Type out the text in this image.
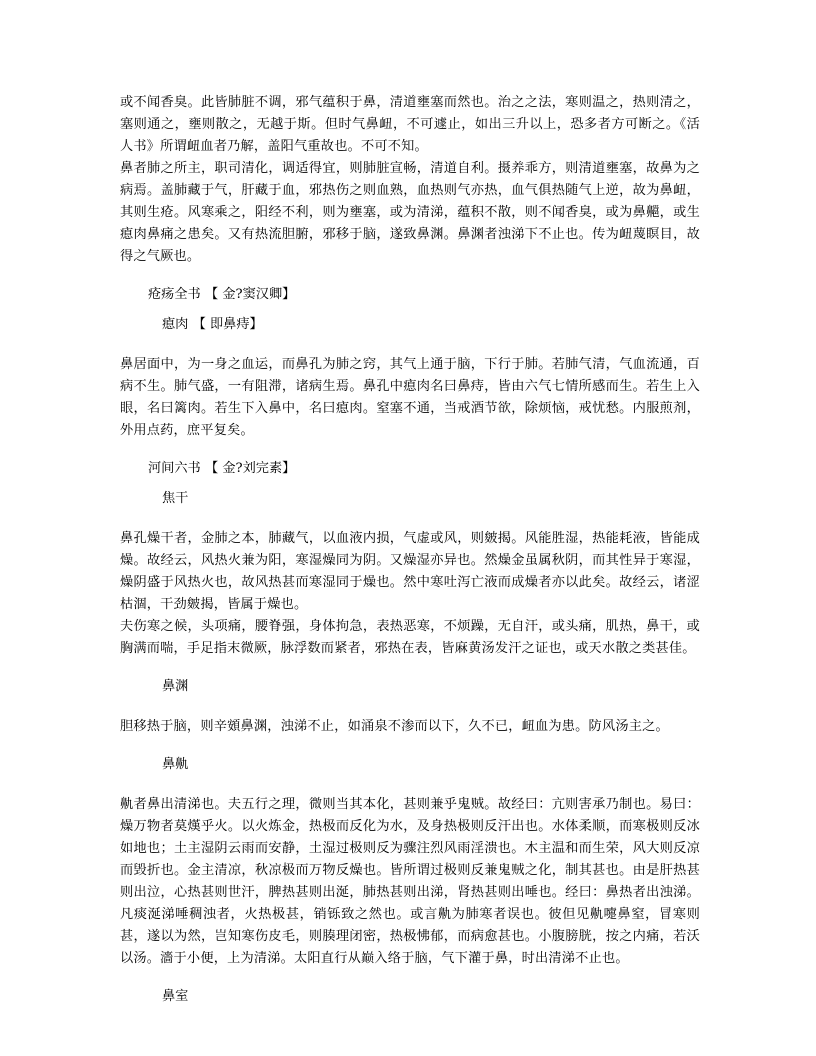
或不闻香臭。此皆肺脏不调，邪气蕴积于鼻，清道壅塞而然也。治之之法，寒则温之，热则清之，塞则通之，壅则散之，无越于斯。但时气鼻衄，不可遽止，如出三升以上，恐多者方可断之。《活人书》所谓衄血者乃解，盖阳气重故也。不可不知。

鼻者肺之所主，职司清化，调适得宜，则肺脏宣畅，清道自利。摄养乖方，则清道壅塞，故鼻为之病焉。盖肺藏于气，肝藏于血，邪热伤之则血熟，血热则气亦热，血气俱热随气上逆，故为鼻衄，其则生疮。风寒乘之，阳经不利，则为壅塞，或为清涕，蕴积不散，则不闻香臭，或为鼻齆，或生瘜肉鼻痛之患矣。又有热流胆腑，邪移于脑，遂致鼻渊。鼻渊者浊涕下不止也。传为衄蔑瞑目，故得之气厥也。

疮疡全书 【 金?窦汉卿】
瘜肉 【 即鼻痔】

鼻居面中，为一身之血运，而鼻孔为肺之窍，其气上通于脑，下行于肺。若肺气清，气血流通，百病不生。肺气盛，一有阻滞，诸病生焉。鼻孔中瘜肉名曰鼻痔，皆由六气七情所感而生。若生上入眼，名曰篱肉。若生下入鼻中，名曰瘜肉。窒塞不通，当戒酒节欲，除烦恼，戒忧愁。内服煎剂，外用点药，庶平复矣。

河间六书 【 金?刘完素】
焦干

鼻孔燥干者，金肺之本，肺藏气，以血液内损，气虚或风，则皴揭。风能胜湿，热能耗液，皆能成燥。故经云，风热火兼为阳，寒湿燥同为阴。又燥湿亦异也。然燥金虽属秋阴，而其性异于寒湿，燥阴盛于风热火也，故风热甚而寒湿同于燥也。然中寒吐泻亡液而成燥者亦以此矣。故经云，诸涩枯涸，干劲皴揭，皆属于燥也。

夫伤寒之候，头项痛，腰脊强，身体拘急，表热恶寒，不烦躁，无自汗，或头痛，肌热，鼻干，或胸满而喘，手足指末微厥，脉浮数而紧者，邪热在表，皆麻黄汤发汗之证也，或天水散之类甚佳。

鼻渊

胆移热于脑，则辛頞鼻渊，浊涕不止，如涌泉不渗而以下，久不已，衄血为患。防风汤主之。

鼻鼽

鼽者鼻出清涕也。夫五行之理，微则当其本化，甚则兼乎鬼贼。故经曰：亢则害承乃制也。易曰：燥万物者莫熯乎火。以火炼金，热极而反化为水，及身热极则反汗出也。水体柔顺，而寒极则反冰如地也；土主湿阴云雨而安静，土湿过极则反为骤注烈风雨淫溃也。木主温和而生荣，风大则反凉而毁折也。金主清凉，秋凉极而万物反燥也。皆所谓过极则反兼鬼贼之化，制其甚也。由是肝热甚则出泣，心热甚则世汗，脾热甚则出涎，肺热甚则出涕，肾热甚则出唾也。经曰：鼻热者出浊涕。凡痰涎涕唾稠浊者，火热极甚，销铄致之然也。或言鼽为肺寒者误也。彼但见鼽嚏鼻窒，冒寒则甚，遂以为然，岂知寒伤皮毛，则腠理闭密，热极怫郁，而病愈甚也。小腹膀胱，按之内痛，若沃以汤。濇于小便，上为清涕。太阳直行从巅入络于脑，气下灌于鼻，时出清涕不止也。

鼻室
